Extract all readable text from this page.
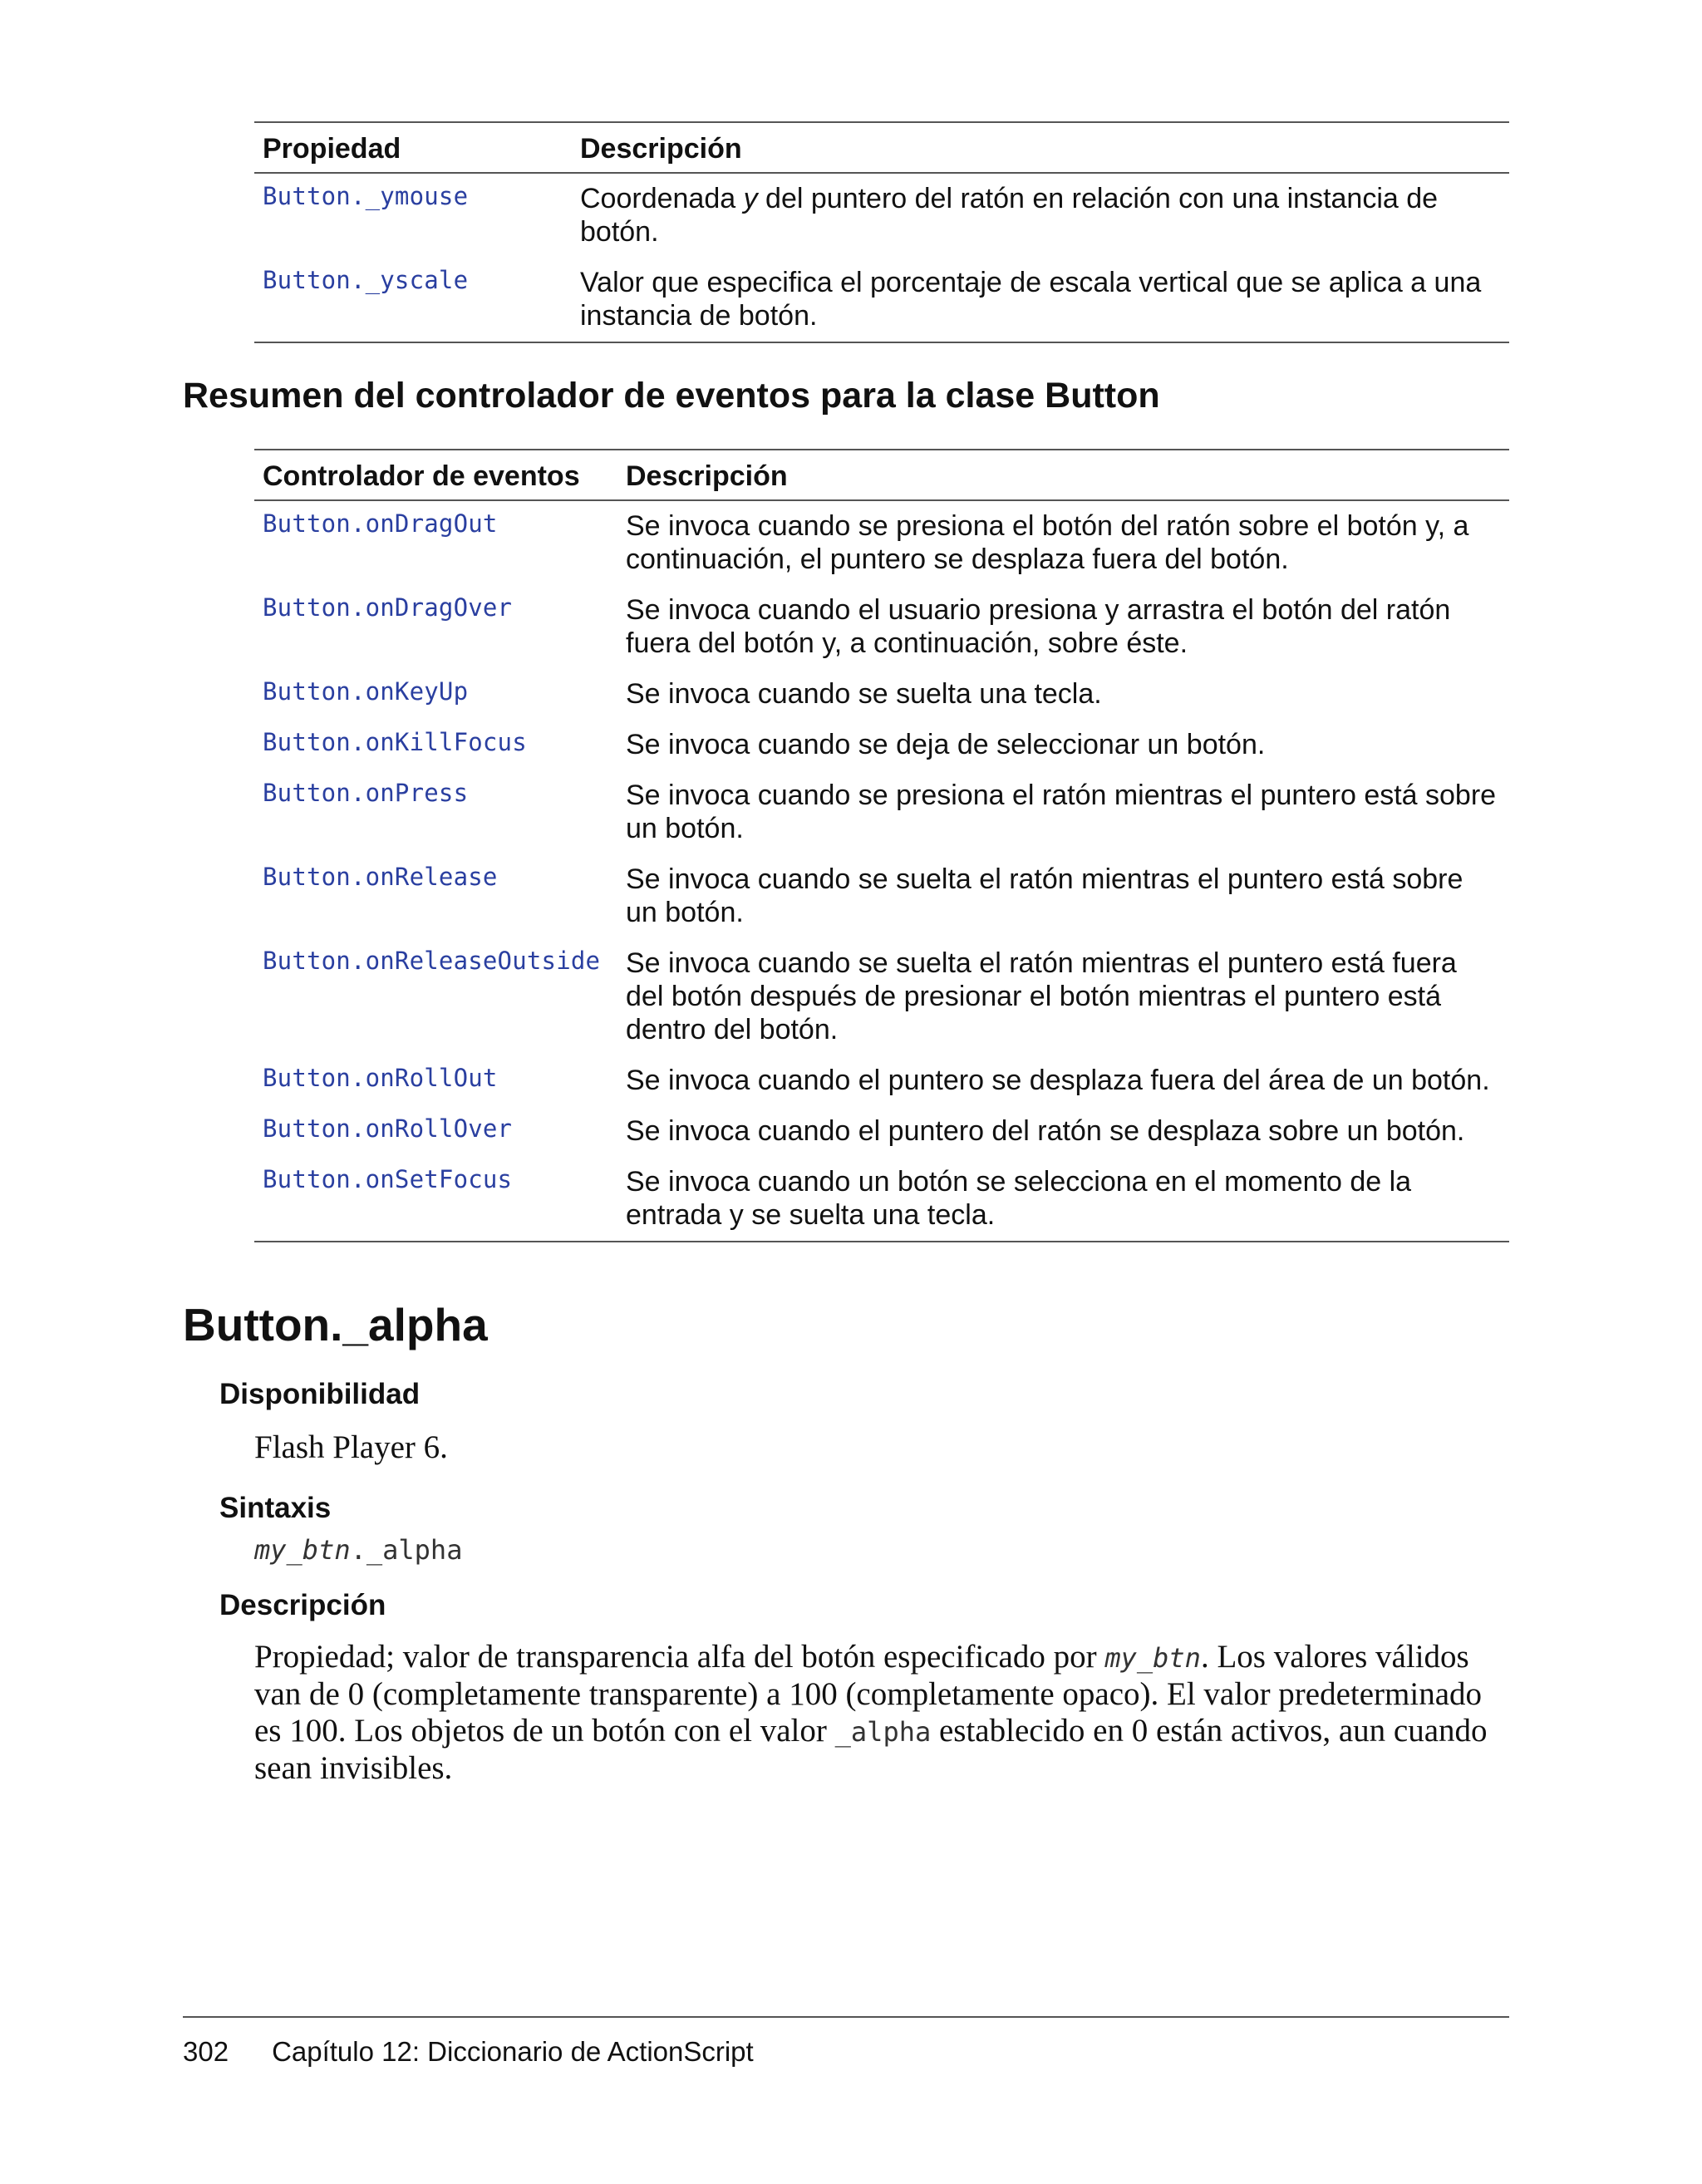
Propiedad	Descripción
Button._ymouse	Coordenada y del puntero del ratón en relación con una instancia de botón.
Button._yscale	Valor que especifica el porcentaje de escala vertical que se aplica a una instancia de botón.
Resumen del controlador de eventos para la clase Button
Controlador de eventos	Descripción
Button.onDragOut	Se invoca cuando se presiona el botón del ratón sobre el botón y, a continuación, el puntero se desplaza fuera del botón.
Button.onDragOver	Se invoca cuando el usuario presiona y arrastra el botón del ratón fuera del botón y, a continuación, sobre éste.
Button.onKeyUp	Se invoca cuando se suelta una tecla.
Button.onKillFocus	Se invoca cuando se deja de seleccionar un botón.
Button.onPress	Se invoca cuando se presiona el ratón mientras el puntero está sobre un botón.
Button.onRelease	Se invoca cuando se suelta el ratón mientras el puntero está sobre un botón.
Button.onReleaseOutside	Se invoca cuando se suelta el ratón mientras el puntero está fuera del botón después de presionar el botón mientras el puntero está dentro del botón.
Button.onRollOut	Se invoca cuando el puntero se desplaza fuera del área de un botón.
Button.onRollOver	Se invoca cuando el puntero del ratón se desplaza sobre un botón.
Button.onSetFocus	Se invoca cuando un botón se selecciona en el momento de la entrada y se suelta una tecla.
Button._alpha
Disponibilidad
Flash Player 6.
Sintaxis
my_btn._alpha
Descripción
Propiedad; valor de transparencia alfa del botón especificado por my_btn. Los valores válidos van de 0 (completamente transparente) a 100 (completamente opaco). El valor predeterminado es 100. Los objetos de un botón con el valor _alpha establecido en 0 están activos, aun cuando sean invisibles.
302 Capítulo 12: Diccionario de ActionScript
